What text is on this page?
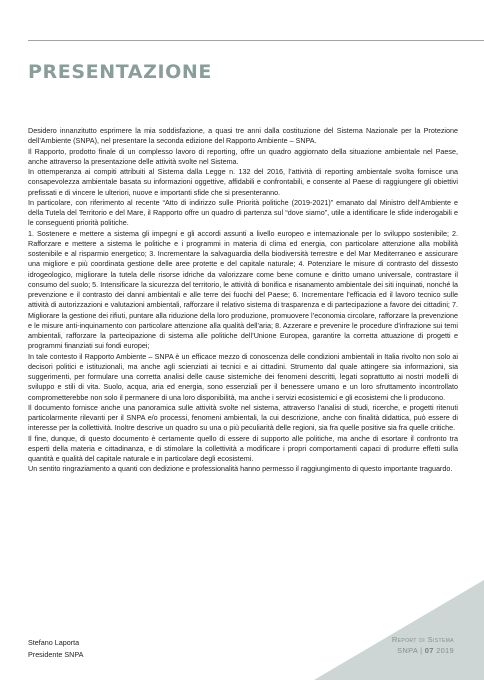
PRESENTAZIONE

Desidero innanzitutto esprimere la mia soddisfazione, a quasi tre anni dalla costituzione del Sistema Nazionale per la Protezione dell’Ambiente (SNPA), nel presentare la seconda edizione del Rapporto Ambiente – SNPA.

Il Rapporto, prodotto finale di un complesso lavoro di reporting, offre un quadro aggiornato della situazione ambientale nel Paese, anche attraverso la presentazione delle attività svolte nel Sistema.

In ottemperanza ai compiti attribuiti al Sistema dalla Legge n. 132 del 2016, l’attività di reporting ambientale svolta fornisce una consapevolezza ambientale basata su informazioni oggettive, affidabili e confrontabili, e consente al Paese di raggiungere gli obiettivi prefissati e di vincere le ulteriori, nuove e importanti sfide che si presenteranno.

In particolare, con riferimento al recente “Atto di indirizzo sulle Priorità politiche (2019-2021)” emanato dal Ministro dell’Ambiente e della Tutela del Territorio e del Mare, il Rapporto offre un quadro di partenza sul “dove siamo”, utile a identificare le sfide inderogabili e le conseguenti priorità politiche.

1. Sostenere e mettere a sistema gli impegni e gli accordi assunti a livello europeo e internazionale per lo sviluppo sostenibile; 2. Rafforzare e mettere a sistema le politiche e i programmi in materia di clima ed energia, con particolare attenzione alla mobilità sostenibile e al risparmio energetico; 3. Incrementare la salvaguardia della biodiversità terrestre e del Mar Mediterraneo e assicurare una migliore e più coordinata gestione delle aree protette e del capitale naturale; 4. Potenziare le misure di contrasto del dissesto idrogeologico, migliorare la tutela delle risorse idriche da valorizzare come bene comune e diritto umano universale, contrastare il consumo del suolo; 5. Intensificare la sicurezza del territorio, le attività di bonifica e risanamento ambientale dei siti inquinati, nonché la prevenzione e il contrasto dei danni ambientali e alle terre dei fuochi del Paese; 6. Incrementare l’efficacia ed il lavoro tecnico sulle attività di autorizzazioni e valutazioni ambientali, rafforzare il relativo sistema di trasparenza e di partecipazione a favore dei cittadini; 7. Migliorare la gestione dei rifiuti, puntare alla riduzione della loro produzione, promuovere l’economia circolare, rafforzare la prevenzione e le misure anti-inquinamento con particolare attenzione alla qualità dell’aria; 8. Azzerare e prevenire le procedure d’infrazione sui temi ambientali, rafforzare la partecipazione di sistema alle politiche dell’Unione Europea, garantire la corretta attuazione di progetti e programmi finanziati sui fondi europei;

In tale contesto il Rapporto Ambiente – SNPA è un efficace mezzo di conoscenza delle condizioni ambientali in Italia rivolto non solo ai decisori politici e istituzionali, ma anche agli scienziati ai tecnici e ai cittadini. Strumento dal quale attingere sia informazioni, sia suggerimenti, per formulare una corretta analisi delle cause sistemiche dei fenomeni descritti, legati soprattutto ai nostri modelli di sviluppo e stili di vita. Suolo, acqua, aria ed energia, sono essenziali per il benessere umano e un loro sfruttamento incontrollato comprometterebbe non solo il permanere di una loro disponibilità, ma anche i servizi ecosistemici e gli ecosistemi che li producono.

Il documento fornisce anche una panoramica sulle attività svolte nel sistema, attraverso l’analisi di studi, ricerche, e progetti ritenuti particolarmente rilevanti per il SNPA e/o processi, fenomeni ambientali, la cui descrizione, anche con finalità didattica, può essere di interesse per la collettività. Inoltre descrive un quadro su una o più peculiarità delle regioni, sia fra quelle positive sia fra quelle critiche.

Il fine, dunque, di questo documento è certamente quello di essere di supporto alle politiche, ma anche di esortare il confronto tra esperti della materia e cittadinanza, e di stimolare la collettività a modificare i propri comportamenti capaci di produrre effetti sulla quantità e qualità del capitale naturale e in particolare degli ecosistemi.

Un sentito ringraziamento a quanti con dedizione e professionalità hanno permesso il raggiungimento di questo importante traguardo.

Stefano Laporta
Presidente SNPA
Report di Sistema
SNPA | 07 2019
